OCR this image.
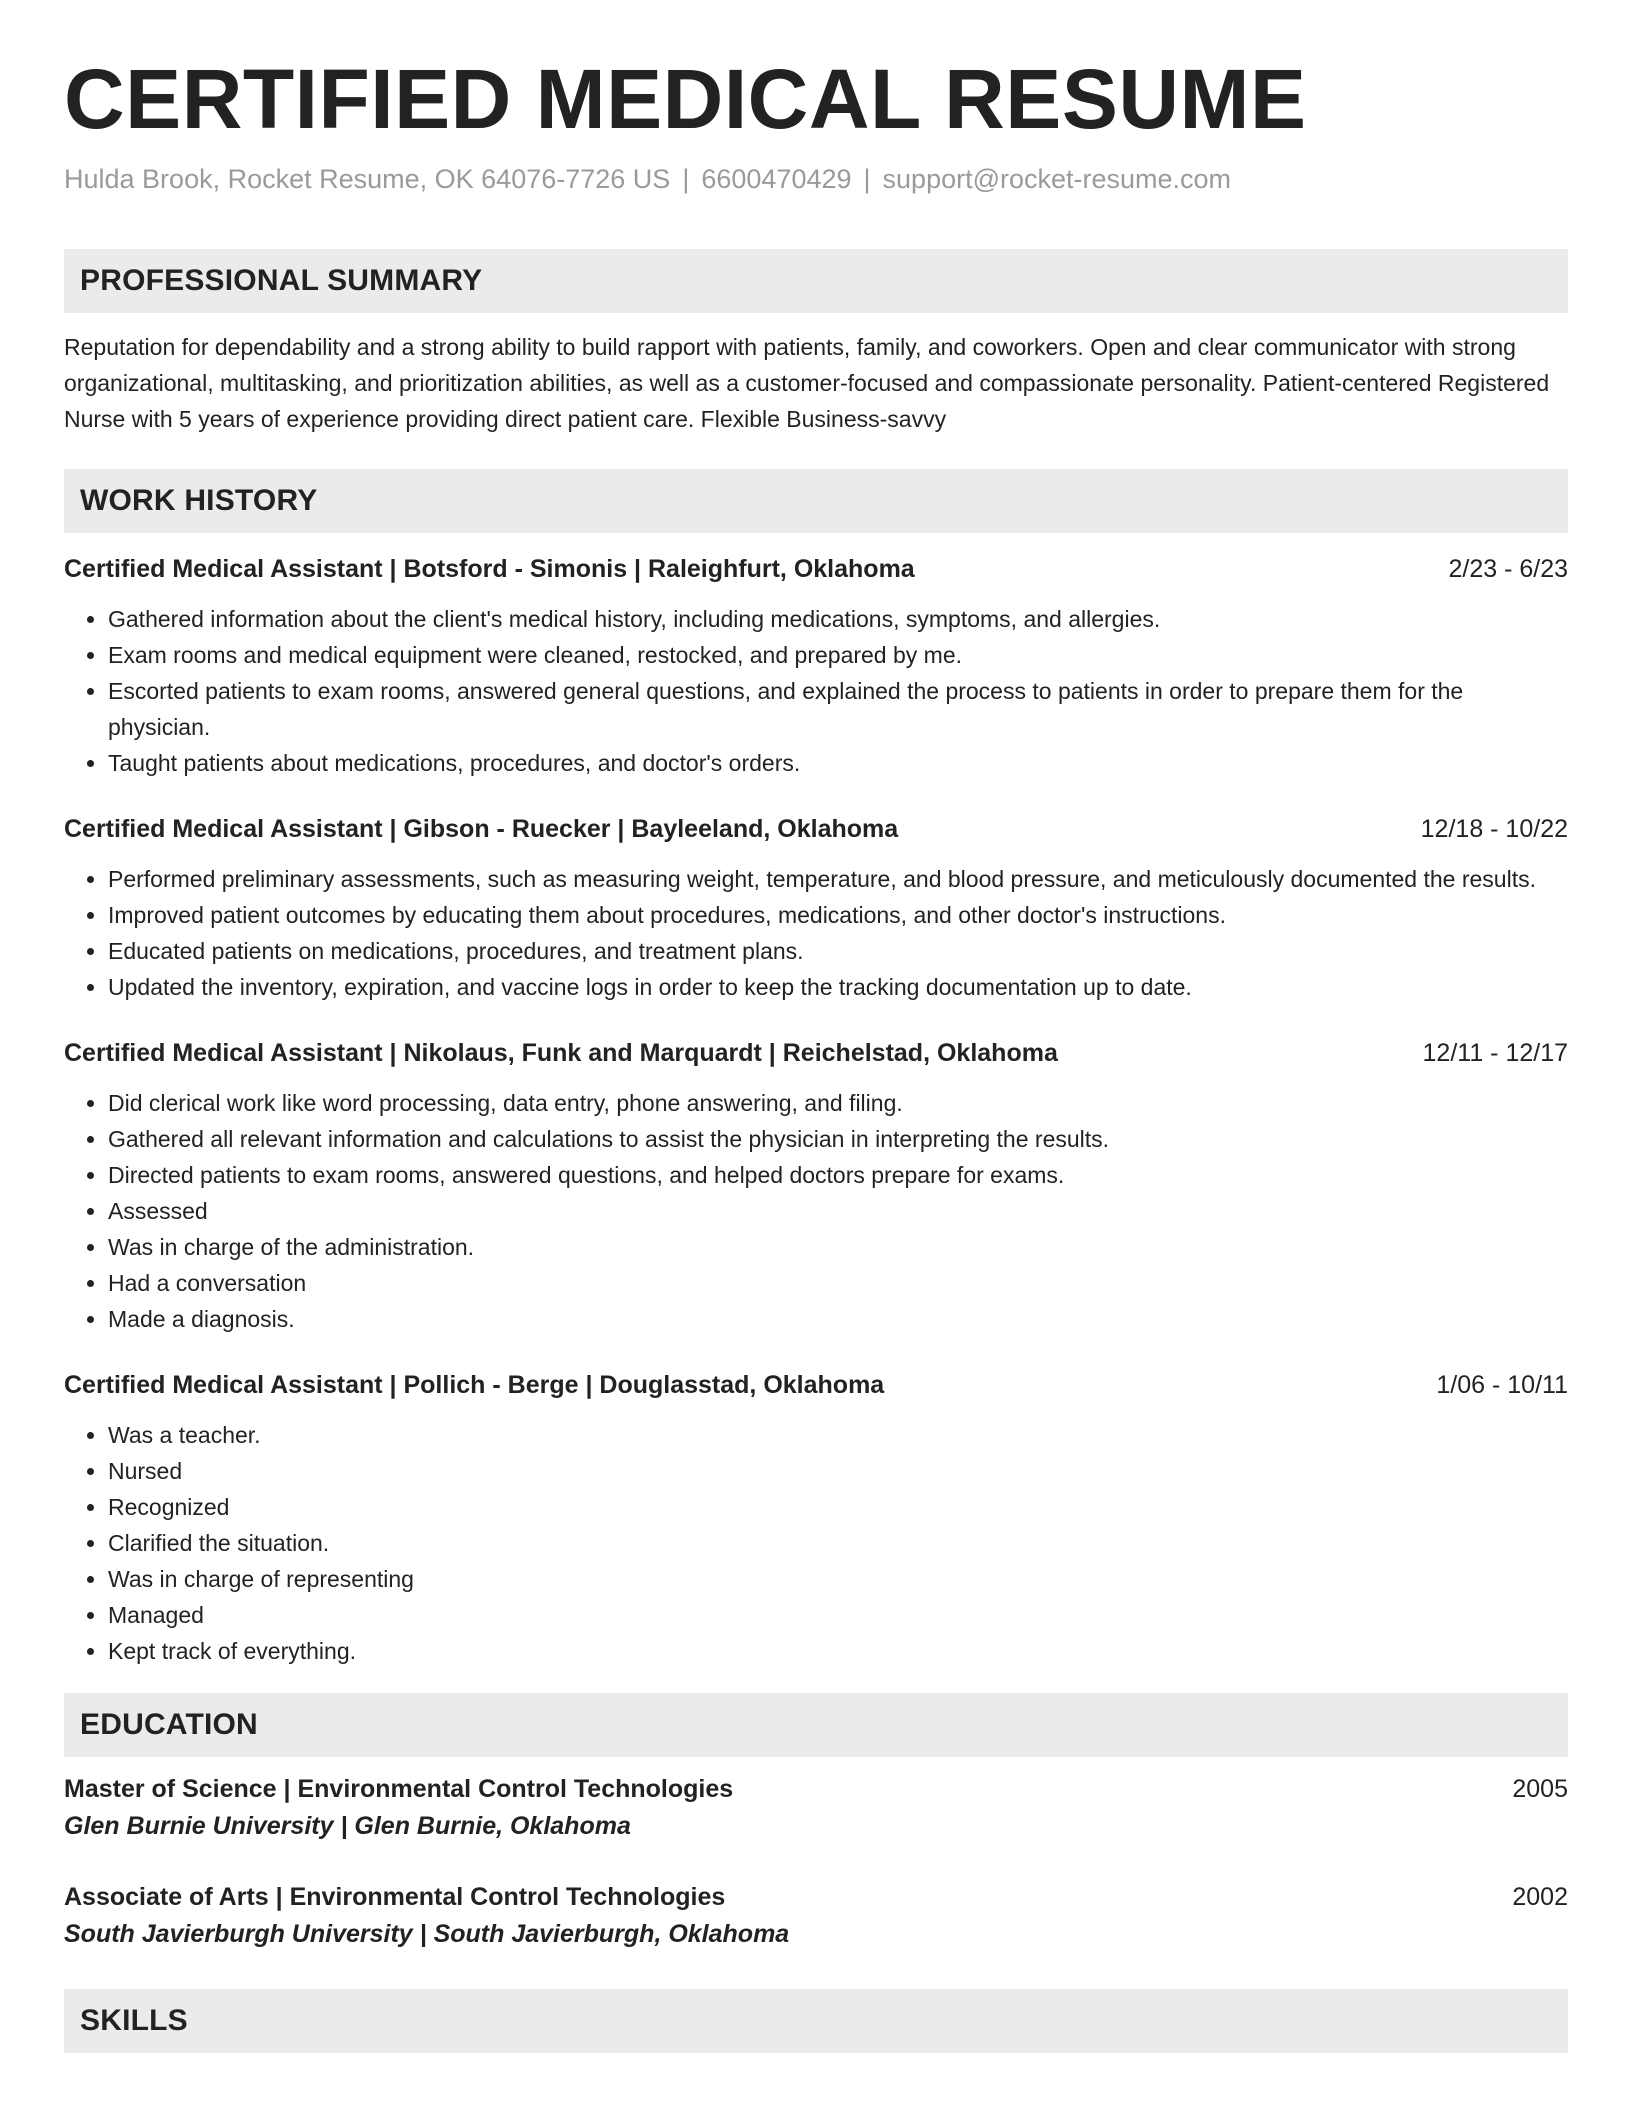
CERTIFIED MEDICAL RESUME
Hulda Brook, Rocket Resume, OK 64076-7726 US | 6600470429 | support@rocket-resume.com
PROFESSIONAL SUMMARY
Reputation for dependability and a strong ability to build rapport with patients, family, and coworkers. Open and clear communicator with strong organizational, multitasking, and prioritization abilities, as well as a customer-focused and compassionate personality. Patient-centered Registered Nurse with 5 years of experience providing direct patient care. Flexible Business-savvy
WORK HISTORY
Certified Medical Assistant | Botsford - Simonis | Raleighfurt, Oklahoma	2/23 - 6/23
• Gathered information about the client's medical history, including medications, symptoms, and allergies.
• Exam rooms and medical equipment were cleaned, restocked, and prepared by me.
• Escorted patients to exam rooms, answered general questions, and explained the process to patients in order to prepare them for the physician.
• Taught patients about medications, procedures, and doctor's orders.
Certified Medical Assistant | Gibson - Ruecker | Bayleeland, Oklahoma	12/18 - 10/22
• Performed preliminary assessments, such as measuring weight, temperature, and blood pressure, and meticulously documented the results.
• Improved patient outcomes by educating them about procedures, medications, and other doctor's instructions.
• Educated patients on medications, procedures, and treatment plans.
• Updated the inventory, expiration, and vaccine logs in order to keep the tracking documentation up to date.
Certified Medical Assistant | Nikolaus, Funk and Marquardt | Reichelstad, Oklahoma	12/11 - 12/17
• Did clerical work like word processing, data entry, phone answering, and filing.
• Gathered all relevant information and calculations to assist the physician in interpreting the results.
• Directed patients to exam rooms, answered questions, and helped doctors prepare for exams.
• Assessed
• Was in charge of the administration.
• Had a conversation
• Made a diagnosis.
Certified Medical Assistant | Pollich - Berge | Douglasstad, Oklahoma	1/06 - 10/11
• Was a teacher.
• Nursed
• Recognized
• Clarified the situation.
• Was in charge of representing
• Managed
• Kept track of everything.
EDUCATION
Master of Science | Environmental Control Technologies	2005
Glen Burnie University | Glen Burnie, Oklahoma
Associate of Arts | Environmental Control Technologies	2002
South Javierburgh University | South Javierburgh, Oklahoma
SKILLS
